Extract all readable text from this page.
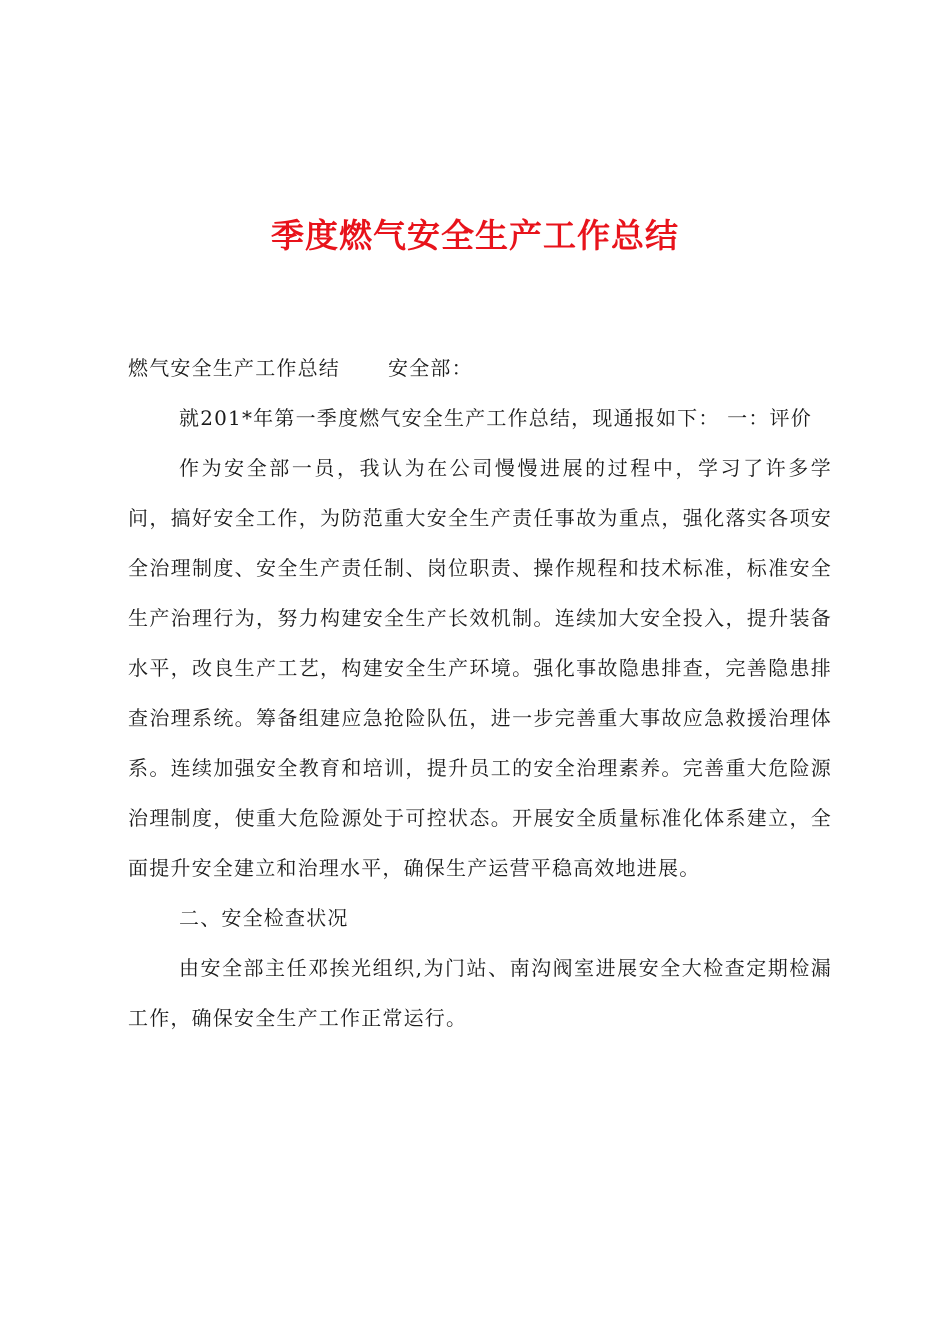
季度燃气安全生产工作总结

燃气安全生产工作总结 安全部：

就201*年第一季度燃气安全生产工作总结，现通报如下： 一：评价

作为安全部一员，我认为在公司慢慢进展的过程中，学习了许多学问，搞好安全工作，为防范重大安全生产责任事故为重点，强化落实各项安全治理制度、安全生产责任制、岗位职责、操作规程和技术标准，标准安全生产治理行为，努力构建安全生产长效机制。连续加大安全投入，提升装备水平，改良生产工艺，构建安全生产环境。强化事故隐患排查，完善隐患排查治理系统。筹备组建应急抢险队伍，进一步完善重大事故应急救援治理体系。连续加强安全教育和培训，提升员工的安全治理素养。完善重大危险源治理制度，使重大危险源处于可控状态。开展安全质量标准化体系建立，全面提升安全建立和治理水平，确保生产运营平稳高效地进展。

二、安全检查状况

由安全部主任邓挨光组织,为门站、南沟阀室进展安全大检查定期检漏工作，确保安全生产工作正常运行。
